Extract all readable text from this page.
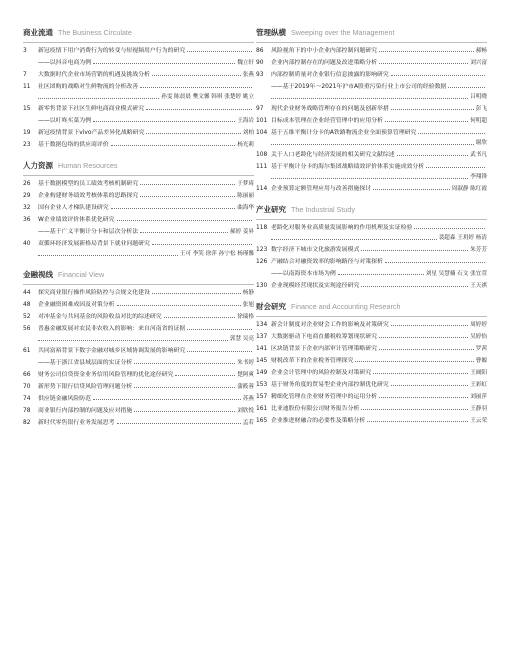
商业流通 The Business Circulate
3	新冠疫情下用户消费行为的转变与短视频用户行为的研究
——以抖音电商为例	魏立轩
7	大数据时代企业市场营销的机遇及挑战分析	张燕
11	社区团购的战略对生鲜物流的分析改善
孙雯 陈晨晨 樊文馨 韩琪 张楚婷 姚立
15	新零售背景下社区生鲜电商商业模式研究
——以叮咚买菜为例	王海岩
19	新冠疫情背景下vivo产品差异化战略研究	刘柏
23	基于数据包络的供应商评价	杨光莉
人力资源 Human Resources
26	基于数据模型的员工绩效考核机制研究	于梦琦
29	企业构建财务绩效考核体系的思路探究	陈丽丽
32	国有企业人才梯队建设研究	曲海华
36	W企业绩效评价体系优化研究
——基于广义平衡计分卡和层次分析法	郝婷 姜昇
40	双循环经济发展新格局背景下就业问题研究
王可 李笑 徐萍 孙宁松 杨瑾馨
金融视线 Financial View
44	探究商业银行操作风险防控与合规文化建设	杨静
48	企业融资困难成因及对策分析	张旭
52	对冲基金与共同基金的风险收益对比的综述研究	徐瑞格
56	普惠金融发展对农民非农收入的影响：来自河南省的证据
郭慧 吴亮
61	共同富裕背景下数字金融对城乡区域协调发展的影响研究
——基于浙江省县域层面的实证分析	朱书婷
66	财务公司信贷资金业务信用风险管理的优化途径研究	楚阿爽
70	新形势下银行信贷风险管理问题分析	蒲筱蓉
74	供应链金融风险防范	苏燕
78	商业银行内部控制的问题及应对措施	刘欣悦
82	新时代零售银行业务发展思考	孟若
管理纵横 Sweeping over the Management
86	风险视角下的中小企业内部控制问题研究	郝畅
90	企业内部控制存在的问题及改进策略分析	刘兴富
93	内部控制质量对企业银行信息披露的影响研究
——基于2019年～2021年沪市A股重污染行业上市公司的经验数据
吕明晓
97	现代企业财务战略管理存在的问题及创新举措	彭飞
101 目标成本管理在企业经营管理中的应用分析	何明超
104 基于五维平衡计分卡的A铁路物流企业全面预算管理研究
谢欣
108 关于人口老龄化与经济发展的相关研究文献综述	武书凡
111 基于平衡计分卡的海尔集团战略绩效评价体系实施成效分析
李翔锋
114 企业预算定额管理应用与改善措施探讨	周淑静 陈红霞
产业研究 The Industrial Study
118 老龄化对服务业高质量发展影响的作用机理及实证检验
裴超森 王玥婷 杨清
123 数字经济下城市文化旅游发展模式	朱芳芳
126 产融结合对融资效率的影响路径与对策探析
——以南海资本市场为例	刘星 吴慧楠 石文 张宜萱
130 企业现模经营现状及实现途径研究	王天祺
财会研究 Finance and Accounting Research
134 新会计制度对企业财会工作的影响及对策研究	周婷婷
137 大数据驱动下电商直播税收筹划现状研究	吴婷怡
141 区块链背景下企业内部审计管理策略研究	罗茜
145 财税改革下的企业税务管理探究	曹嫄
149 企业会计管理中的风险控制及对策研究	王阔阳
153 基于财务角度的贸易型企业内部控制优化研究	王彩虹
157 精细化管理在企业财务管理中的运用分析	刘丽萍
161 比亚迪股份有限公司财务报告分析	王静羽
165 企业推进财融合的必要性及策略分析	王云荣
